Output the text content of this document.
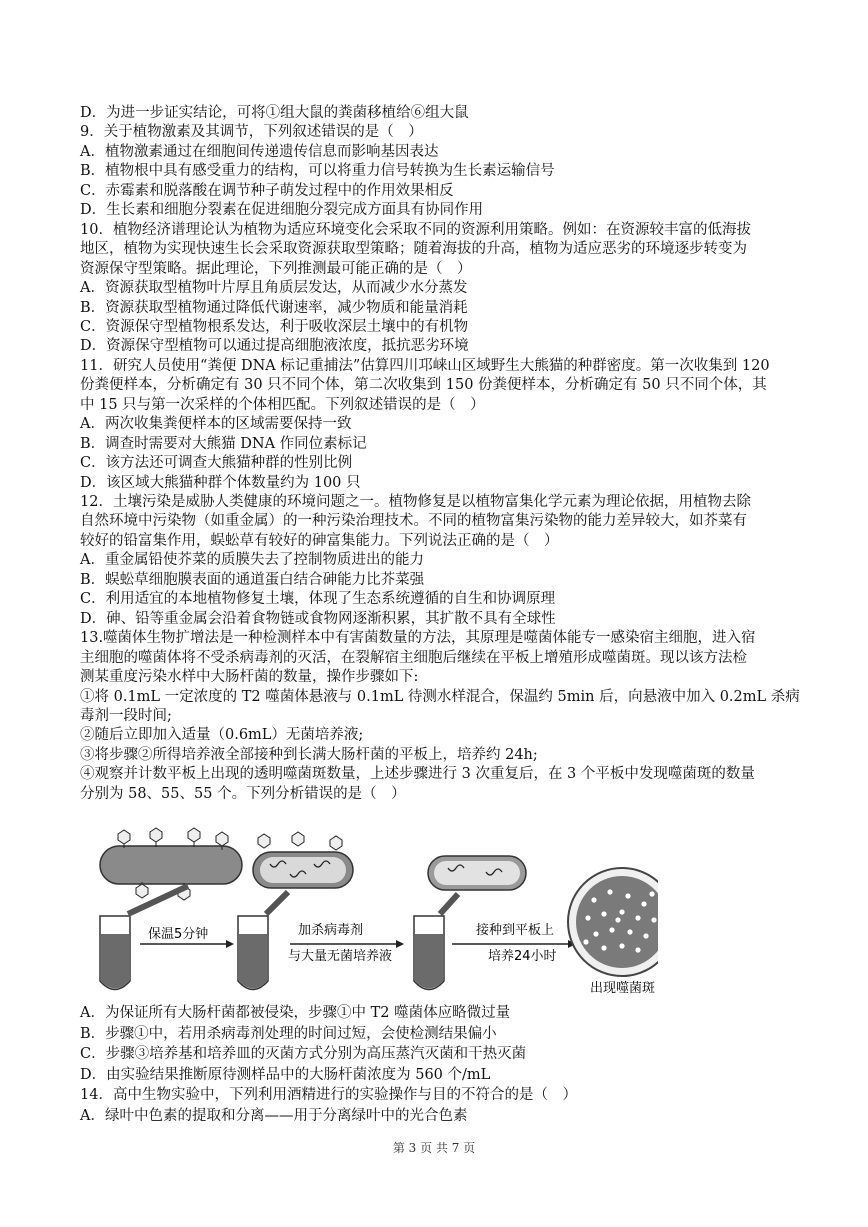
D．为进一步证实结论，可将①组大鼠的粪菌移植给⑥组大鼠
9．关于植物激素及其调节，下列叙述错误的是（　）
A．植物激素通过在细胞间传递遗传信息而影响基因表达
B．植物根中具有感受重力的结构，可以将重力信号转换为生长素运输信号
C．赤霉素和脱落酸在调节种子萌发过程中的作用效果相反
D．生长素和细胞分裂素在促进细胞分裂完成方面具有协同作用
10．植物经济谱理论认为植物为适应环境变化会采取不同的资源利用策略。例如：在资源较丰富的低海拔
地区，植物为实现快速生长会采取资源获取型策略；随着海拔的升高，植物为适应恶劣的环境逐步转变为
资源保守型策略。据此理论，下列推测最可能正确的是（　）
A．资源获取型植物叶片厚且角质层发达，从而减少水分蒸发
B．资源获取型植物通过降低代谢速率，减少物质和能量消耗
C．资源保守型植物根系发达，利于吸收深层土壤中的有机物
D．资源保守型植物可以通过提高细胞液浓度，抵抗恶劣环境
11．研究人员使用“粪便 DNA 标记重捕法”估算四川邛崃山区域野生大熊猫的种群密度。第一次收集到 120
份粪便样本，分析确定有 30 只不同个体，第二次收集到 150 份粪便样本，分析确定有 50 只不同个体，其
中 15 只与第一次采样的个体相匹配。下列叙述错误的是（　）
A．两次收集粪便样本的区域需要保持一致
B．调查时需要对大熊猫 DNA 作同位素标记
C．该方法还可调查大熊猫种群的性别比例
D．该区域大熊猫种群个体数量约为 100 只
12．土壤污染是威胁人类健康的环境问题之一。植物修复是以植物富集化学元素为理论依据，用植物去除
自然环境中污染物（如重金属）的一种污染治理技术。不同的植物富集污染物的能力差异较大，如芥菜有
较好的铅富集作用，蜈蚣草有较好的砷富集能力。下列说法正确的是（　）
A．重金属铅使芥菜的质膜失去了控制物质进出的能力
B．蜈蚣草细胞膜表面的通道蛋白结合砷能力比芥菜强
C．利用适宜的本地植物修复土壤，体现了生态系统遵循的自生和协调原理
D．砷、铅等重金属会沿着食物链或食物网逐渐积累，其扩散不具有全球性
13.噬菌体生物扩增法是一种检测样本中有害菌数量的方法，其原理是噬菌体能专一感染宿主细胞，进入宿
主细胞的噬菌体将不受杀病毒剂的灭活，在裂解宿主细胞后继续在平板上增殖形成噬菌斑。现以该方法检
测某重度污染水样中大肠杆菌的数量，操作步骤如下:
①将 0.1mL 一定浓度的 T2 噬菌体悬液与 0.1mL 待测水样混合，保温约 5min 后，向悬液中加入 0.2mL 杀病
毒剂一段时间;
②随后立即加入适量（0.6mL）无菌培养液;
③将步骤②所得培养液全部接种到长满大肠杆菌的平板上，培养约 24h;
④观察并计数平板上出现的透明噬菌斑数量，上述步骤进行 3 次重复后，在 3 个平板中发现噬菌斑的数量
分别为 58、55、55 个。下列分析错误的是（　）
保温5分钟	加杀病毒剂
与大量无菌培养液
接种到平板上
培养24小时
出现噬菌斑
A．为保证所有大肠杆菌都被侵染，步骤①中 T2 噬菌体应略微过量
B．步骤①中，若用杀病毒剂处理的时间过短，会使检测结果偏小
C．步骤③培养基和培养皿的灭菌方式分别为高压蒸汽灭菌和干热灭菌
D．由实验结果推断原待测样品中的大肠杆菌浓度为 560 个/mL
14．高中生物实验中，下列利用酒精进行的实验操作与目的不符合的是（　）
A．绿叶中色素的提取和分离——用于分离绿叶中的光合色素
第 3 页 共 7 页
